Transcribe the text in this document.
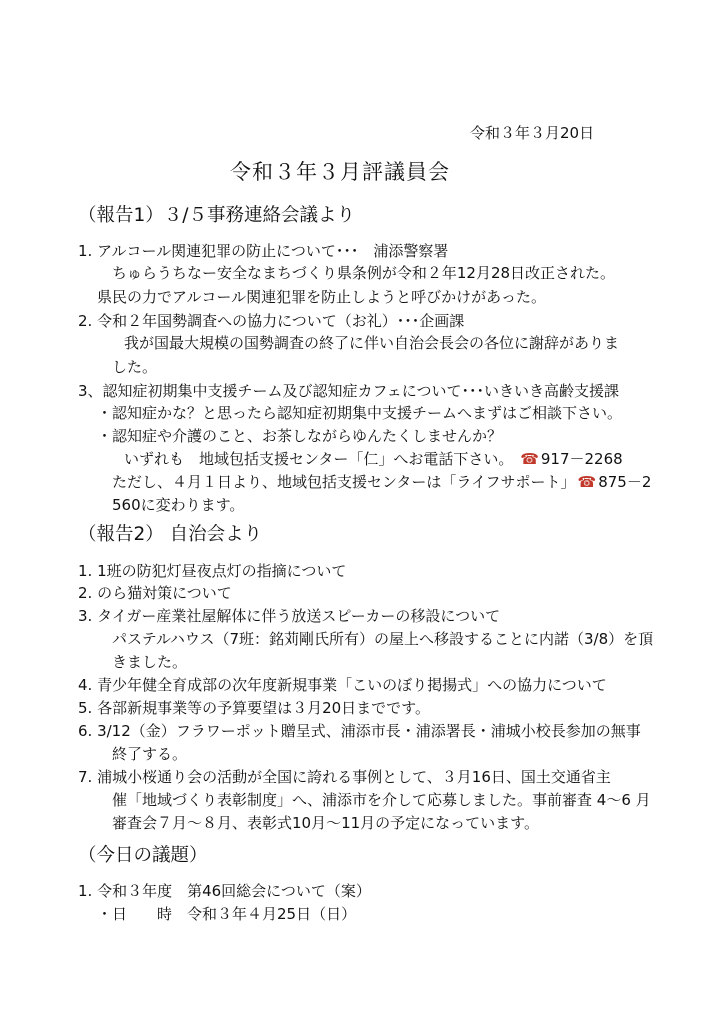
令和３年３月20日
令和３年３月評議員会
（報告1）３/５事務連絡会議より
1. アルコール関連犯罪の防止について･･･　浦添警察署
ちゅらうちなー安全なまちづくり県条例が令和２年12月28日改正された。
県民の力でアルコール関連犯罪を防止しようと呼びかけがあった。
2. 令和２年国勢調査への協力について（お礼）･･･企画課
我が国最大規模の国勢調査の終了に伴い自治会長会の各位に謝辞がありま
した。
3、認知症初期集中支援チーム及び認知症カフェについて･･･いきいき高齢支援課
・認知症かな？と思ったら認知症初期集中支援チームへまずはご相談下さい。
・認知症や介護のこと、お茶しながらゆんたくしませんか？
いずれも　地域包括支援センター「仁」へお電話下さい。 ☎ 917－2268
ただし、４月１日より、地域包括支援センターは「ライフサポート」 ☎ 875－2
560に変わります。
（報告2） 自治会より
1. 1班の防犯灯昼夜点灯の指摘について
2. のら猫対策について
3. タイガー産業社屋解体に伴う放送スピーカーの移設について
パステルハウス（7班：銘苅剛氏所有）の屋上へ移設することに内諾（3/8）を頂
きました。
4. 青少年健全育成部の次年度新規事業「こいのぼり掲揚式」への協力について
5. 各部新規事業等の予算要望は３月20日までです。
6. 3/12（金）フラワーポット贈呈式、浦添市長・浦添署長・浦城小校長参加の無事
終了する。
7. 浦城小桜通り会の活動が全国に誇れる事例として、３月16日、国土交通省主
催「地域づくり表彰制度」へ、浦添市を介して応募しました。事前審査 4～6 月
審査会７月～８月、表彰式10月～11月の予定になっています。
（今日の議題）
1. 令和３年度　第46回総会について（案）
・日　　時　令和３年４月25日（日）
